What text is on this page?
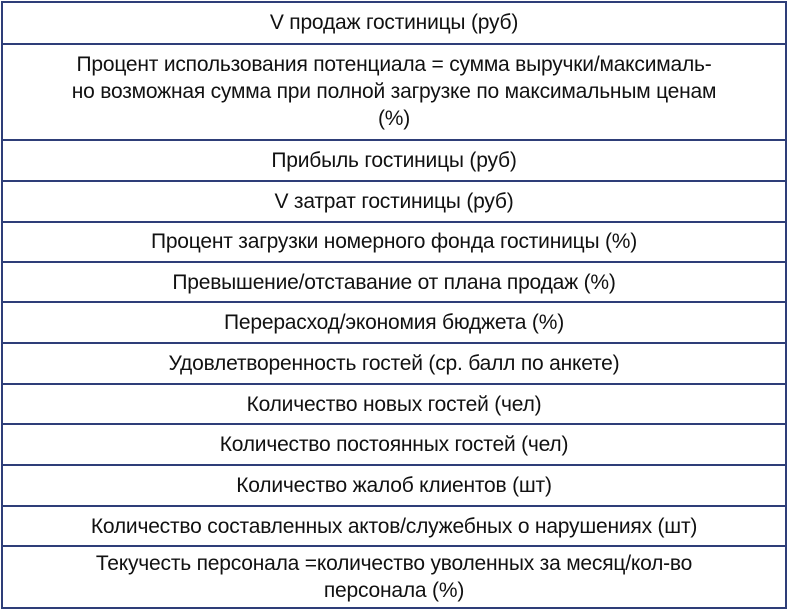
V продаж гостиницы (руб)
Процент использования потенциала = сумма выручки/максималь-
но возможная сумма при полной загрузке по максимальным ценам
(%)
Прибыль гостиницы (руб)
V затрат гостиницы (руб)
Процент загрузки номерного фонда гостиницы (%)
Превышение/отставание от плана продаж (%)
Перерасход/экономия бюджета (%)
Удовлетворенность гостей (ср. балл по анкете)
Количество новых гостей (чел)
Количество постоянных гостей (чел)
Количество жалоб клиентов (шт)
Количество составленных актов/служебных о нарушениях (шт)
Текучесть персонала =количество уволенных за месяц/кол-во
персонала (%)
